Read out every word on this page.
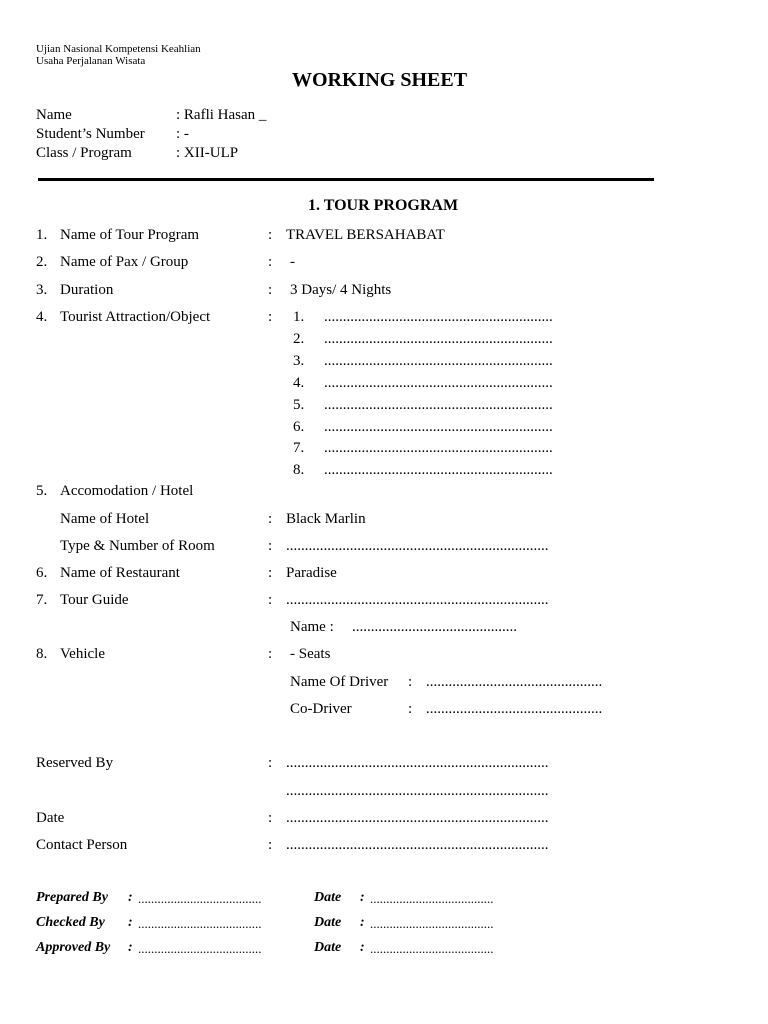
Ujian Nasional Kompetensi Keahlian
Usaha Perjalanan Wisata
WORKING SHEET
Name	: Rafli Hasan _
Student’s Number : -
Class / Program	: XII-ULP
1. TOUR PROGRAM
1. Name of Tour Program	: TRAVEL BERSAHABAT
2. Name of Pax / Group	: -
3. Duration	: 3 Days/ 4 Nights
4. Tourist Attraction/Object	: 1. .............................................................
2. .............................................................
3. .............................................................
4. .............................................................
5. .............................................................
6. .............................................................
7. .............................................................
8. .............................................................
5. Accomodation / Hotel
Name of Hotel	: Black Marlin
Type & Number of Room	: ......................................................................
6. Name of Restaurant	: Paradise
7. Tour Guide	: ......................................................................
Name : ............................................
8. Vehicle	: - Seats
Name Of Driver : ...............................................
Co-Driver	: ...............................................
Reserved By	: ......................................................................
......................................................................
Date	: ......................................................................
Contact Person	: ......................................................................
Prepared By : ......................................	Date : ......................................
Checked By : ......................................	Date : ......................................
Approved By : ......................................	Date : ......................................
